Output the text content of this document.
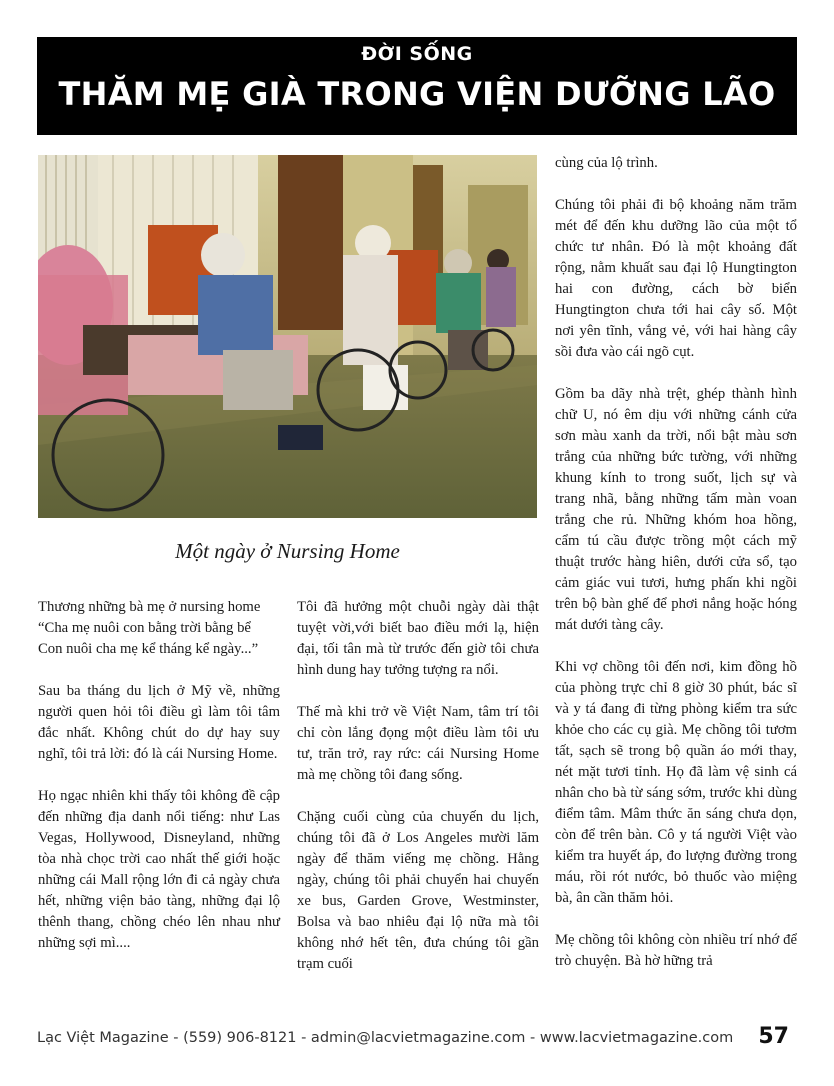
ĐỜI SỐNG
THĂM MẸ GIÀ TRONG VIỆN DƯỠNG LÃO
Một ngày ở Nursing Home

Thương những bà mẹ ở nursing home
“Cha mẹ nuôi con bằng trời bằng bể
Con nuôi cha mẹ kể tháng kể ngày...”

Sau ba tháng du lịch ở Mỹ về, những người quen hỏi tôi điều gì làm tôi tâm đắc nhất. Không chút do dự hay suy nghĩ, tôi trả lời: đó là cái Nursing Home.

Họ ngạc nhiên khi thấy tôi không đề cập đến những địa danh nổi tiếng: như Las Vegas, Hollywood, Disneyland, những tòa nhà chọc trời cao nhất thế giới hoặc những cái Mall rộng lớn đi cả ngày chưa hết, những viện bảo tàng, những đại lộ thênh thang, chồng chéo lên nhau như những sợi mì....

Tôi đã hưởng một chuỗi ngày dài thật tuyệt vời,với biết bao điều mới lạ, hiện đại, tối tân mà từ trước đến giờ tôi chưa hình dung hay tưởng tượng ra nổi.

Thế mà khi trở về Việt Nam, tâm trí tôi chỉ còn lắng đọng một điều làm tôi ưu tư, trăn trở, ray rức: cái Nursing Home mà mẹ chồng tôi đang sống.

Chặng cuối cùng của chuyến du lịch, chúng tôi đã ở Los Angeles mười lăm ngày để thăm viếng mẹ chồng. Hằng ngày, chúng tôi phải chuyển hai chuyến xe bus, Garden Grove, Westminster, Bolsa và bao nhiêu đại lộ nữa mà tôi không nhớ hết tên, đưa chúng tôi gần trạm cuối

cùng của lộ trình.

Chúng tôi phải đi bộ khoảng năm trăm mét để đến khu dưỡng lão của một tổ chức tư nhân. Đó là một khoảng đất rộng, nằm khuất sau đại lộ Hungtington hai con đường, cách bờ biển Hungtington chưa tới hai cây số. Một nơi yên tĩnh, vắng vẻ, với hai hàng cây sồi đưa vào cái ngõ cụt.

Gồm ba dãy nhà trệt, ghép thành hình chữ U, nó êm dịu với những cánh cửa sơn màu xanh da trời, nổi bật màu sơn trắng của những bức tường, với những khung kính to trong suốt, lịch sự và trang nhã, bằng những tấm màn voan trắng che rủ. Những khóm hoa hồng, cẩm tú cầu được trồng một cách mỹ thuật trước hàng hiên, dưới cửa sổ, tạo cảm giác vui tươi, hưng phấn khi ngồi trên bộ bàn ghế để phơi nắng hoặc hóng mát dưới tàng cây.

Khi vợ chồng tôi đến nơi, kim đồng hồ của phòng trực chỉ 8 giờ 30 phút, bác sĩ và y tá đang đi từng phòng kiểm tra sức khỏe cho các cụ già. Mẹ chồng tôi tươm tất, sạch sẽ trong bộ quần áo mới thay, nét mặt tươi tỉnh. Họ đã làm vệ sinh cá nhân cho bà từ sáng sớm, trước khi dùng điểm tâm. Mâm thức ăn sáng chưa dọn, còn để trên bàn. Cô y tá người Việt vào kiểm tra huyết áp, đo lượng đường trong máu, rồi rót nước, bỏ thuốc vào miệng bà, ân cần thăm hỏi.

Mẹ chồng tôi không còn nhiều trí nhớ để trò chuyện. Bà hờ hững trả

Lạc Việt Magazine - (559) 906-8121 - admin@lacvietmagazine.com - www.lacvietmagazine.com 57
